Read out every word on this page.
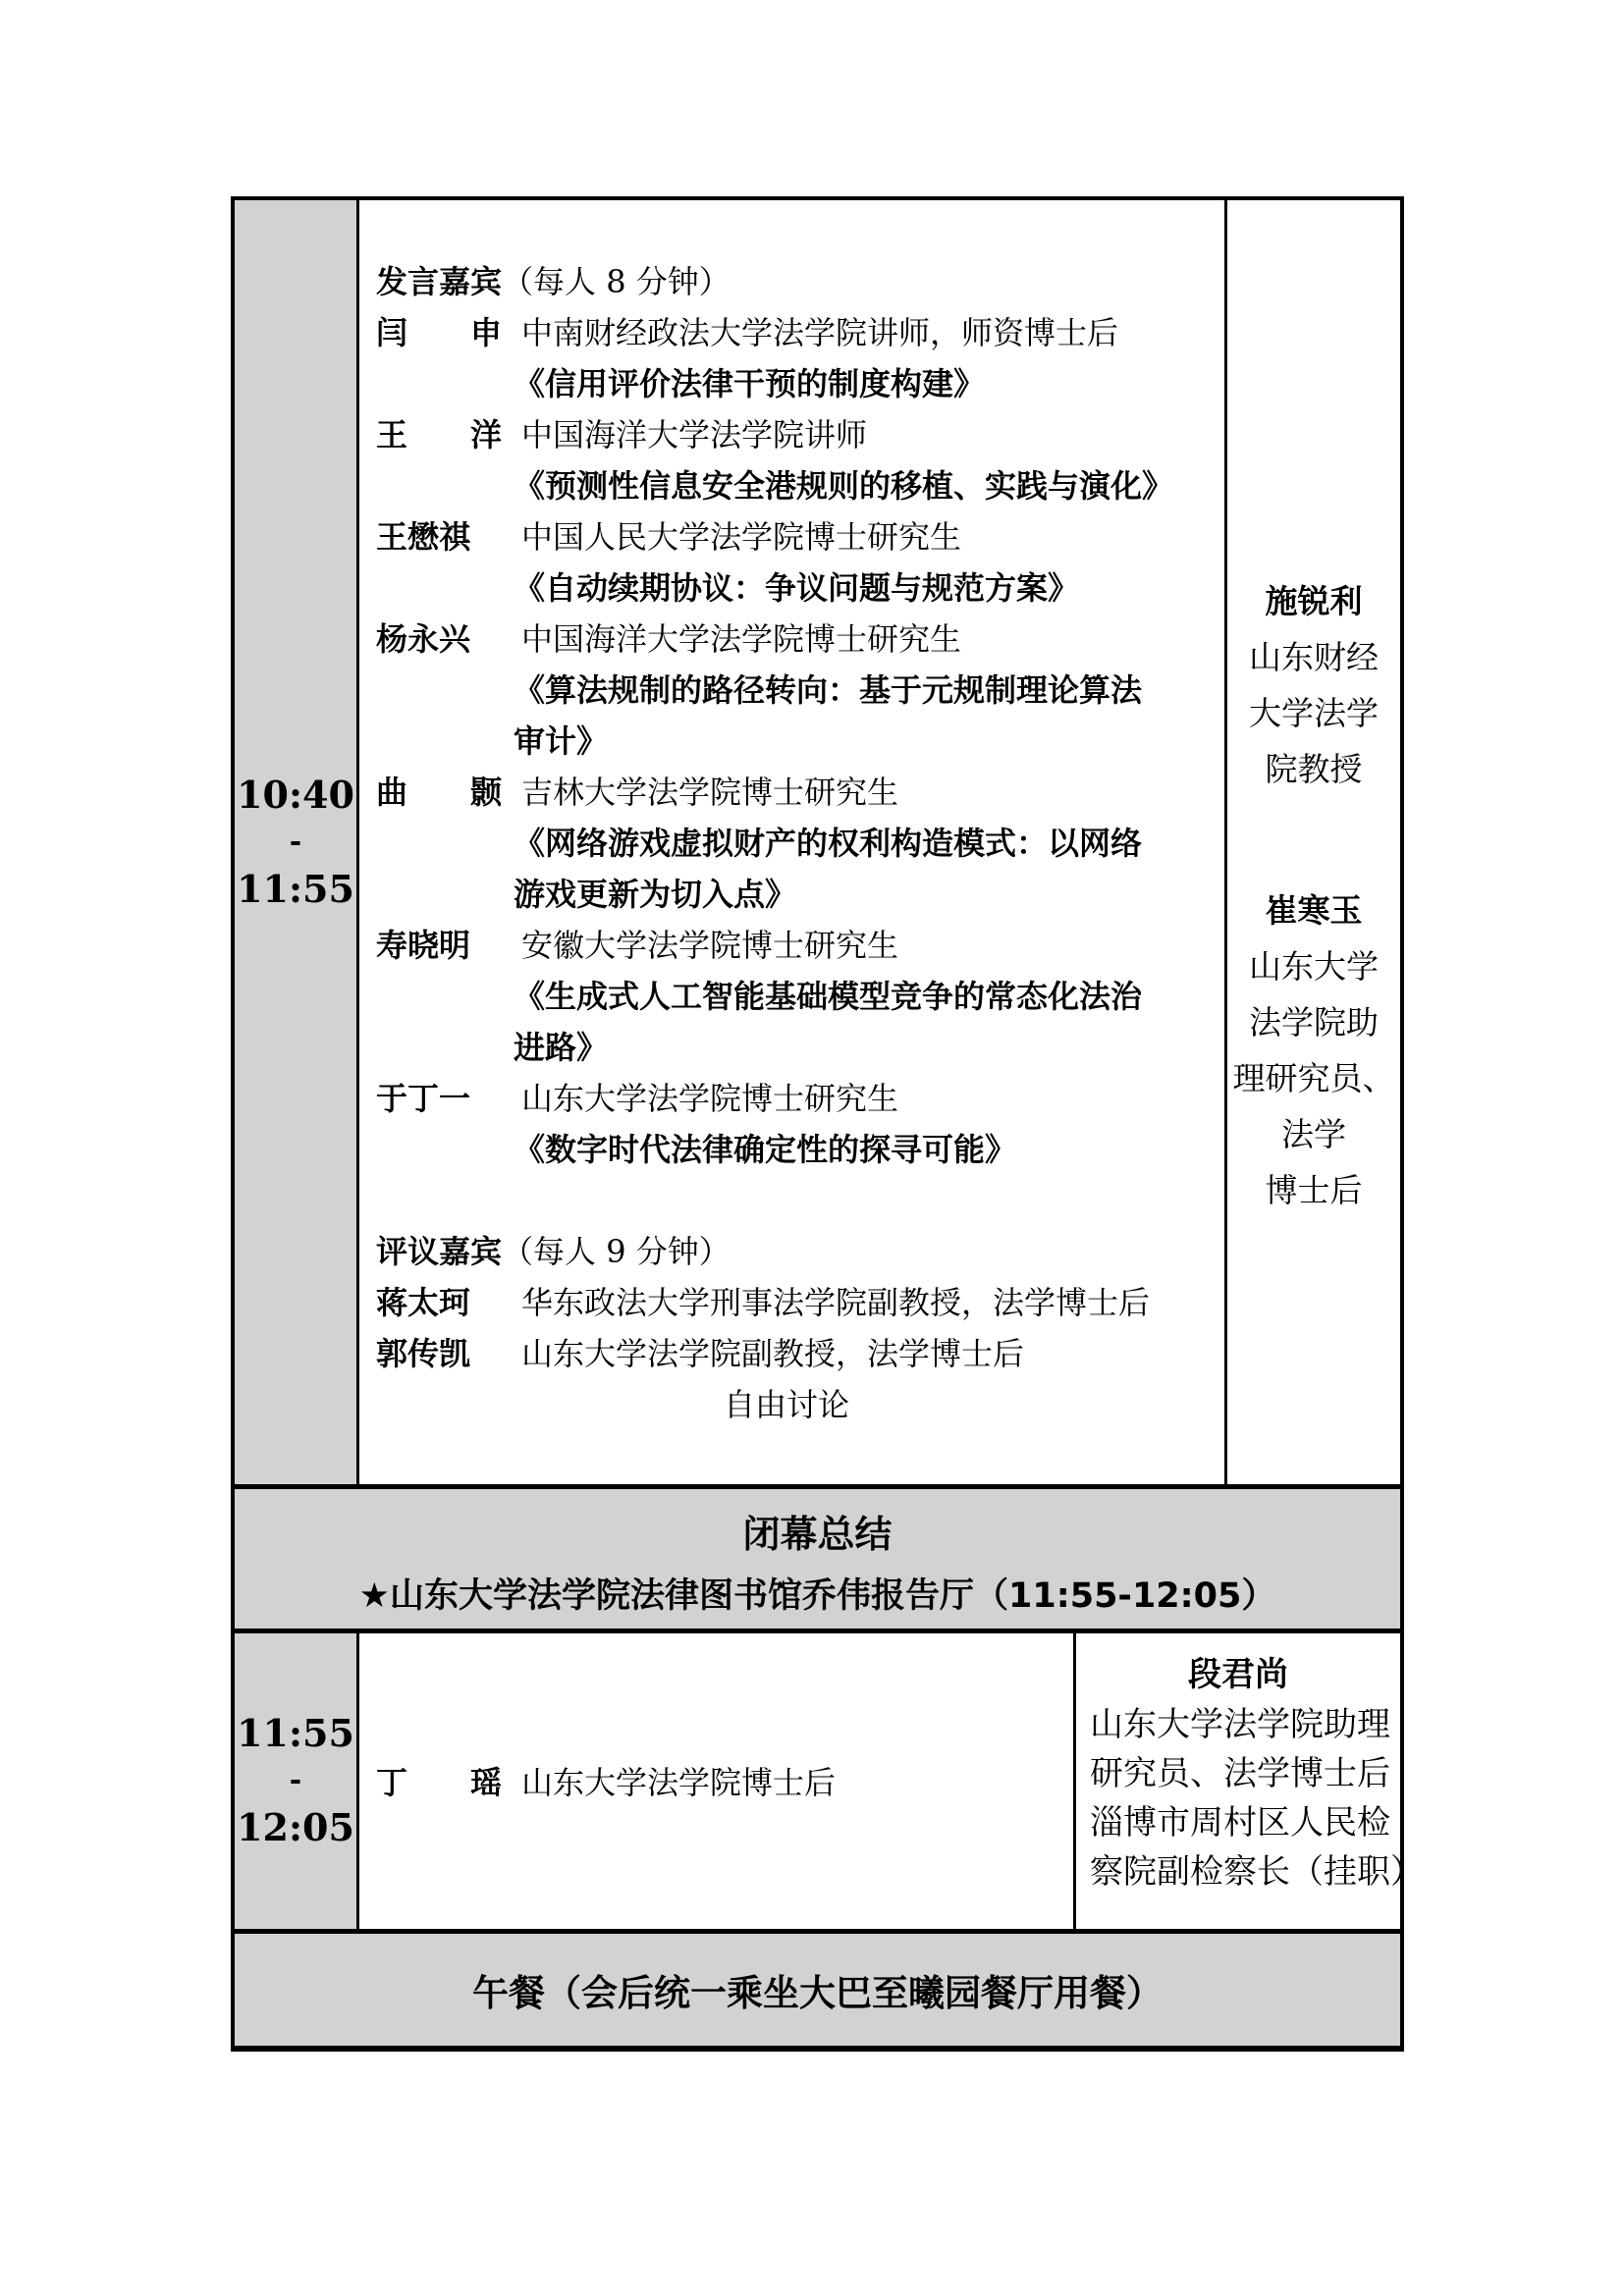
10:40
-
11:55
发言嘉宾（每人 8 分钟）
闫　　申 中南财经政法大学法学院讲师，师资博士后
《信用评价法律干预的制度构建》
王　　洋 中国海洋大学法学院讲师
《预测性信息安全港规则的移植、实践与演化》
王懋祺 中国人民大学法学院博士研究生
《自动续期协议：争议问题与规范方案》
杨永兴 中国海洋大学法学院博士研究生
《算法规制的路径转向：基于元规制理论算法
审计》
曲　　颢 吉林大学法学院博士研究生
《网络游戏虚拟财产的权利构造模式：以网络
游戏更新为切入点》
寿晓明 安徽大学法学院博士研究生
《生成式人工智能基础模型竞争的常态化法治
进路》
于丁一 山东大学法学院博士研究生
《数字时代法律确定性的探寻可能》
评议嘉宾（每人 9 分钟）
蒋太珂 华东政法大学刑事法学院副教授，法学博士后
郭传凯 山东大学法学院副教授，法学博士后
自由讨论
施锐利
山东财经
大学法学
院教授
崔寒玉
山东大学
法学院助
理研究员、
法学
博士后
闭幕总结
★山东大学法学院法律图书馆乔伟报告厅（11:55-12:05）
11:55
-
12:05
丁　　瑶 山东大学法学院博士后
段君尚
山东大学法学院助理
研究员、法学博士后
淄博市周村区人民检
察院副检察长（挂职）
午餐（会后统一乘坐大巴至曦园餐厅用餐）
